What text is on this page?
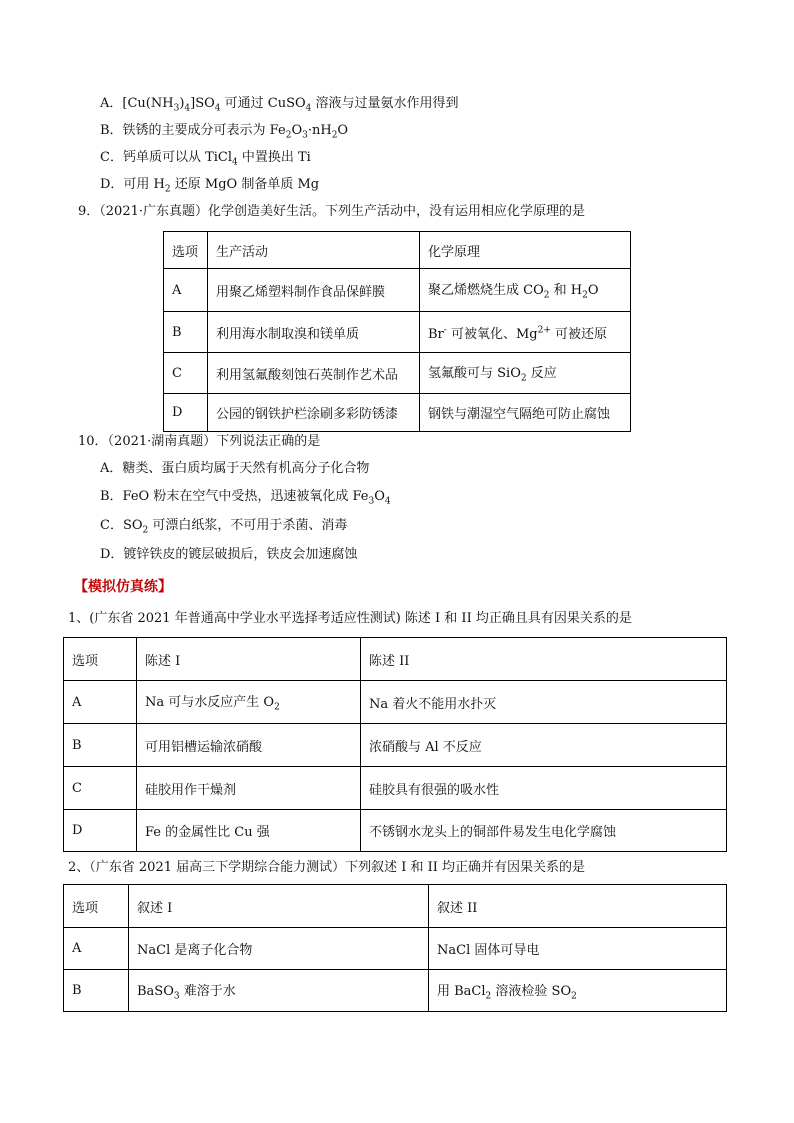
A．$[Cu(NH_3)_4]SO_4$ 可通过 CuSO$_4$ 溶液与过量氨水作用得到
B．铁锈的主要成分可表示为 $Fe_2O_3\cdot nH_2O$
C．钙单质可以从 TiCl$_4$ 中置换出 Ti
D．可用 $H_2$ 还原 MgO 制备单质 Mg
9．（2021·广东真题）化学创造美好生活。下列生产活动中，没有运用相应化学原理的是
选项	生产活动	化学原理
A	用聚乙烯塑料制作食品保鲜膜	聚乙烯燃烧生成 $CO_2$ 和 $H_2O$
B	利用海水制取溴和镁单质	Br- 可被氧化、$Mg^{2+}$ 可被还原
C	利用氢氟酸刻蚀石英制作艺术品	氢氟酸可与 SiO$_2$ 反应
D	公园的钢铁护栏涂刷多彩防锈漆	钢铁与潮湿空气隔绝可防止腐蚀
10．（2021·湖南真题）下列说法正确的是
A．糖类、蛋白质均属于天然有机高分子化合物
B．FeO 粉末在空气中受热，迅速被氧化成 $Fe_3O_4$
C．$SO_2$ 可漂白纸浆，不可用于杀菌、消毒
D．镀锌铁皮的镀层破损后，铁皮会加速腐蚀
【模拟仿真练】
1、(广东省 2021 年普通高中学业水平选择考适应性测试) 陈述 I 和 II 均正确且具有因果关系的是
选项	陈述 I	陈述 II
A	Na 可与水反应产生 $O_2$	Na 着火不能用水扑灭
B	可用铝槽运输浓硝酸	浓硝酸与 Al 不反应
C	硅胶用作干燥剂	硅胶具有很强的吸水性
D	Fe 的金属性比 Cu 强	不锈钢水龙头上的铜部件易发生电化学腐蚀
2、（广东省 2021 届高三下学期综合能力测试）下列叙述 I 和 II 均正确并有因果关系的是
选项	叙述 I	叙述 II
A	NaCl 是离子化合物	NaCl 固体可导电
B	BaSO$_3$ 难溶于水	用 BaCl$_2$ 溶液检验 $SO_2$
